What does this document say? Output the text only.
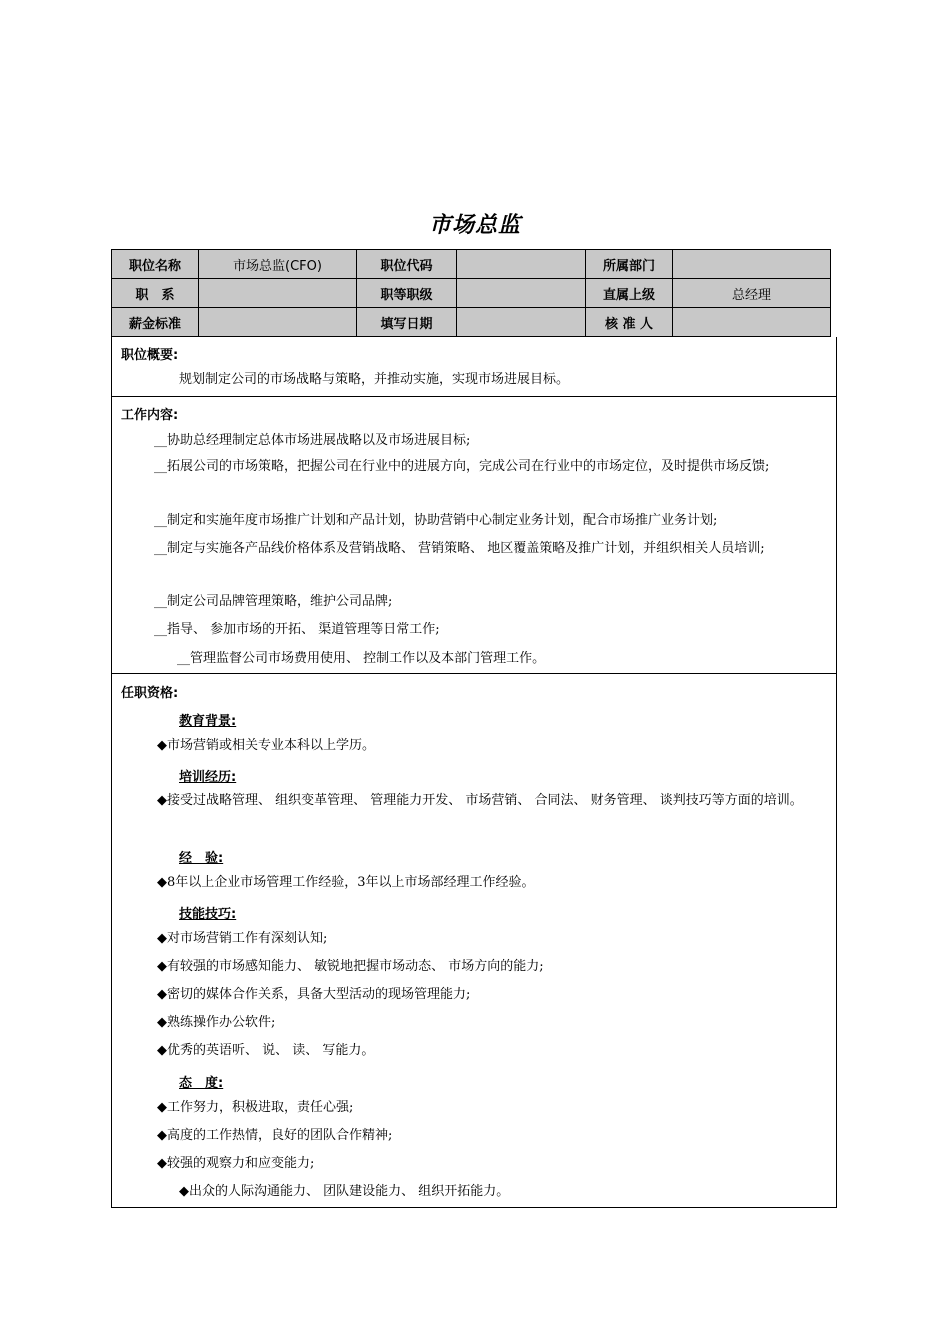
市场总监
职位名称	市场总监(CFO)	职位代码		所属部门	
职　系		职等职级		直属上级	总经理
薪金标准		填写日期		核 准 人	
职位概要:
规划制定公司的市场战略与策略，并推动实施，实现市场进展目标。
工作内容:
__协助总经理制定总体市场进展战略以及市场进展目标;
__拓展公司的市场策略，把握公司在行业中的进展方向，完成公司在行业中的市场定位，及时提供市场反馈;
__制定和实施年度市场推广计划和产品计划，协助营销中心制定业务计划，配合市场推广业务计划;
__制定与实施各产品线价格体系及营销战略、 营销策略、 地区覆盖策略及推广计划，并组织相关人员培训;
__制定公司品牌管理策略，维护公司品牌;
__指导、 参加市场的开拓、 渠道管理等日常工作;
__管理监督公司市场费用使用、 控制工作以及本部门管理工作。
任职资格:
教育背景:
◆市场营销或相关专业本科以上学历。
培训经历:
◆接受过战略管理、 组织变革管理、 管理能力开发、 市场营销、 合同法、 财务管理、 谈判技巧等方面的培训。
经　验:
◆8年以上企业市场管理工作经验，3年以上市场部经理工作经验。
技能技巧:
◆对市场营销工作有深刻认知;
◆有较强的市场感知能力、 敏锐地把握市场动态、 市场方向的能力;
◆密切的媒体合作关系，具备大型活动的现场管理能力;
◆熟练操作办公软件;
◆优秀的英语听、 说、 读、 写能力。
态　度:
◆工作努力，积极进取，责任心强;
◆高度的工作热情，良好的团队合作精神;
◆较强的观察力和应变能力;
◆出众的人际沟通能力、 团队建设能力、 组织开拓能力。
